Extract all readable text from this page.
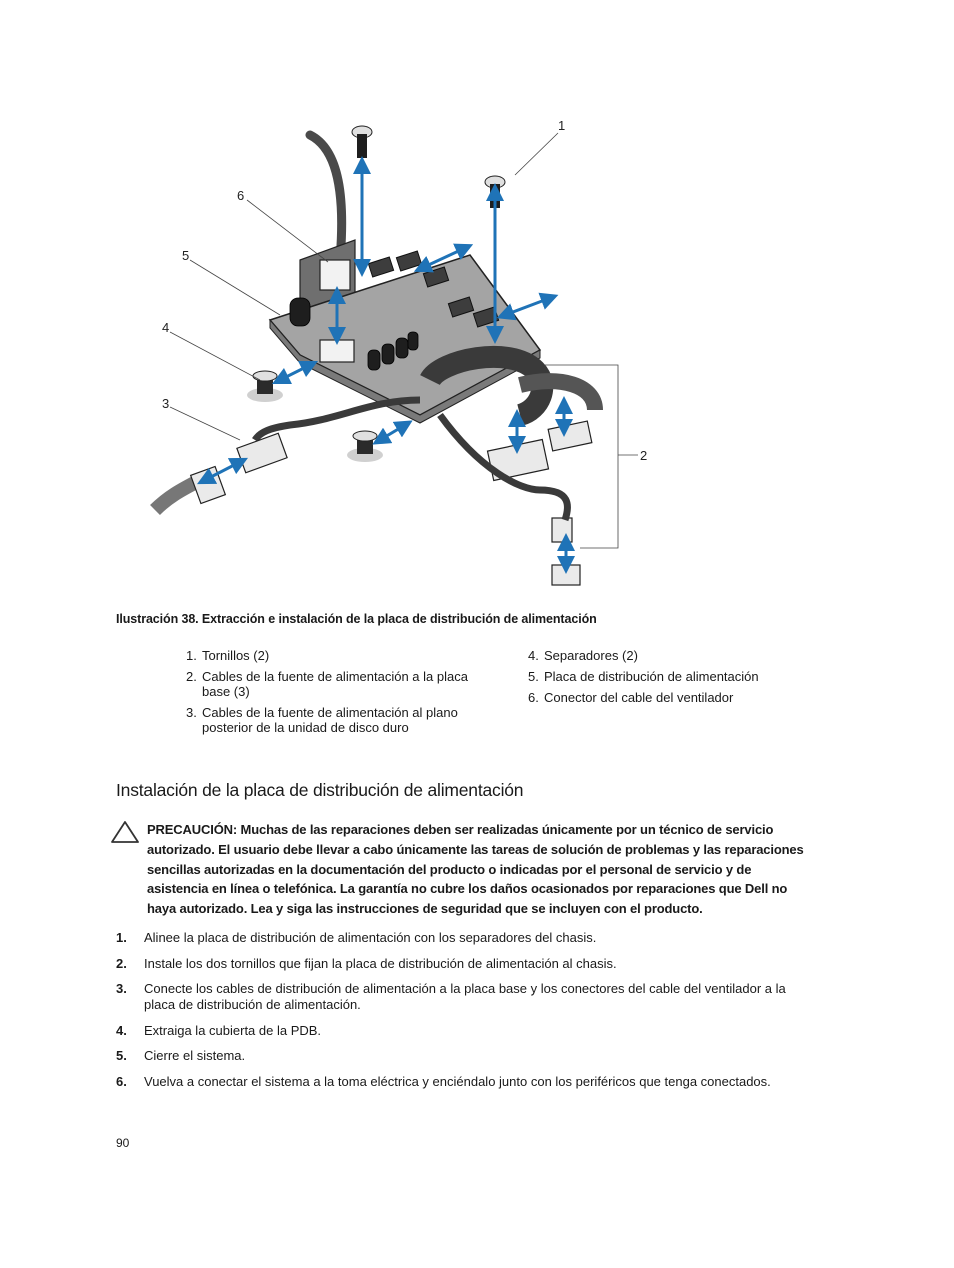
1
2
3
4
5
6
Ilustración 38. Extracción e instalación de la placa de distribución de alimentación
1. Tornillos (2)
2. Cables de la fuente de alimentación a la placa base (3)
3. Cables de la fuente de alimentación al plano posterior de la unidad de disco duro
4. Separadores (2)
5. Placa de distribución de alimentación
6. Conector del cable del ventilador
Instalación de la placa de distribución de alimentación

PRECAUCIÓN: Muchas de las reparaciones deben ser realizadas únicamente por un técnico de servicio autorizado. El usuario debe llevar a cabo únicamente las tareas de solución de problemas y las reparaciones sencillas autorizadas en la documentación del producto o indicadas por el personal de servicio y de asistencia en línea o telefónica. La garantía no cubre los daños ocasionados por reparaciones que Dell no haya autorizado. Lea y siga las instrucciones de seguridad que se incluyen con el producto.

1. Alinee la placa de distribución de alimentación con los separadores del chasis.
2. Instale los dos tornillos que fijan la placa de distribución de alimentación al chasis.
3. Conecte los cables de distribución de alimentación a la placa base y los conectores del cable del ventilador a la placa de distribución de alimentación.
4. Extraiga la cubierta de la PDB.
5. Cierre el sistema.
6. Vuelva a conectar el sistema a la toma eléctrica y enciéndalo junto con los periféricos que tenga conectados.
90
